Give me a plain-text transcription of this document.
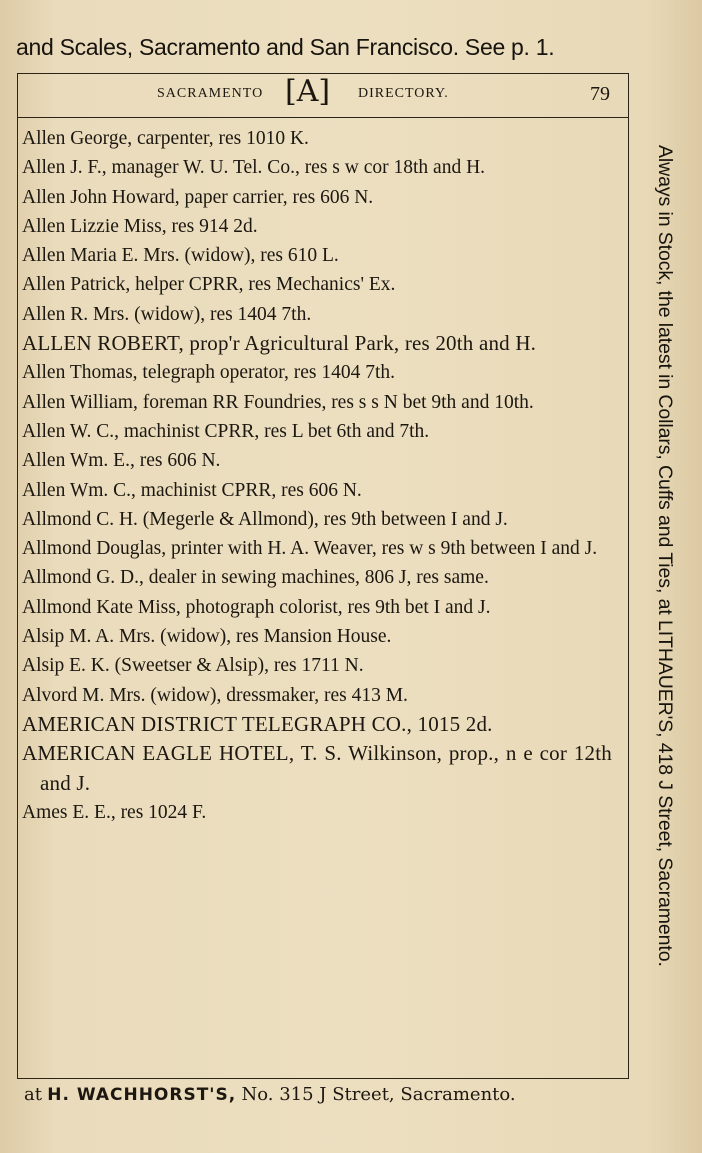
and Scales, Sacramento and San Francisco. See p. 1.
SACRAMENTO [A] DIRECTORY.	79
Allen George, carpenter, res 1010 K.
Allen J. F., manager W. U. Tel. Co., res s w cor 18th and H.
Allen John Howard, paper carrier, res 606 N.
Allen Lizzie Miss, res 914 2d.
Allen Maria E. Mrs. (widow), res 610 L.
Allen Patrick, helper CPRR, res Mechanics' Ex.
Allen R. Mrs. (widow), res 1404 7th.
ALLEN ROBERT, prop'r Agricultural Park, res 20th and H.
Allen Thomas, telegraph operator, res 1404 7th.
Allen William, foreman RR Foundries, res s s N bet 9th and 10th.
Allen W. C., machinist CPRR, res L bet 6th and 7th.
Allen Wm. E., res 606 N.
Allen Wm. C., machinist CPRR, res 606 N.
Allmond C. H. (Megerle & Allmond), res 9th between I and J.
Allmond Douglas, printer with H. A. Weaver, res w s 9th between I and J.
Allmond G. D., dealer in sewing machines, 806 J, res same.
Allmond Kate Miss, photograph colorist, res 9th bet I and J.
Alsip M. A. Mrs. (widow), res Mansion House.
Alsip E. K. (Sweetser & Alsip), res 1711 N.
Alvord M. Mrs. (widow), dressmaker, res 413 M.
AMERICAN DISTRICT TELEGRAPH CO., 1015 2d.
AMERICAN EAGLE HOTEL, T. S. Wilkinson, prop., n e cor 12th and J.
Ames E. E., res 1024 F.	Always in Stock, the latest in Collars, Cuffs and Ties, at LITHAUER'S, 418 J Street, Sacramento.
at H. WACHHORST'S, No. 315 J Street, Sacramento.
